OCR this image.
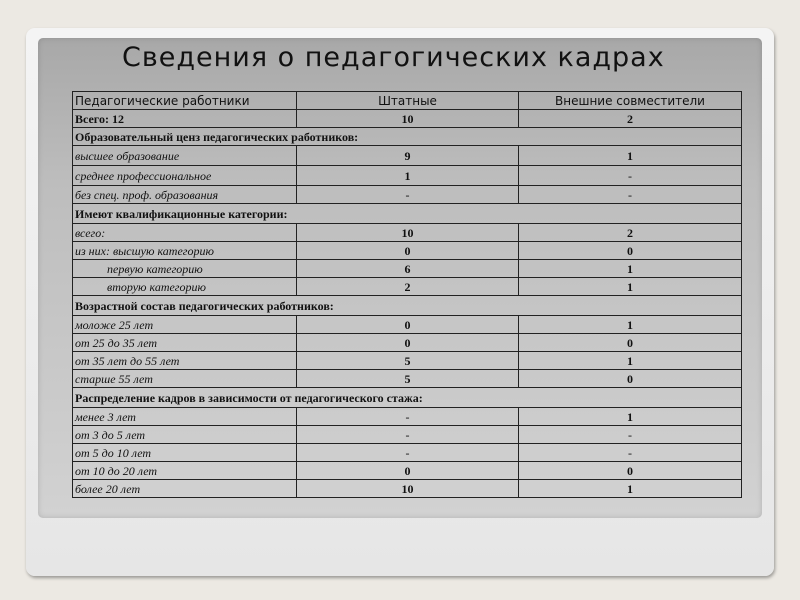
Сведения о педагогических кадрах
Педагогические работники	Штатные	Внешние совместители
Всего: 12	10	2
Образовательный ценз педагогических работников:		
высшее образование	9	1
среднее профессиональное	1	-
без спец. проф. образования	-	-
Имеют квалификационные категории:		
всего:	10	2
из них: высшую категорию	0	0
первую категорию	6	1
вторую категорию	2	1
Возрастной состав педагогических работников:		
моложе 25 лет	0	1
от 25 до 35 лет	0	0
от 35 лет до 55 лет	5	1
старше 55 лет	5	0
Распределение кадров в зависимости от педагогического стажа:		
менее 3 лет	-	1
от 3 до 5 лет	-	-
от 5 до 10 лет	-	-
от 10 до 20 лет	0	0
более 20 лет	10	1
